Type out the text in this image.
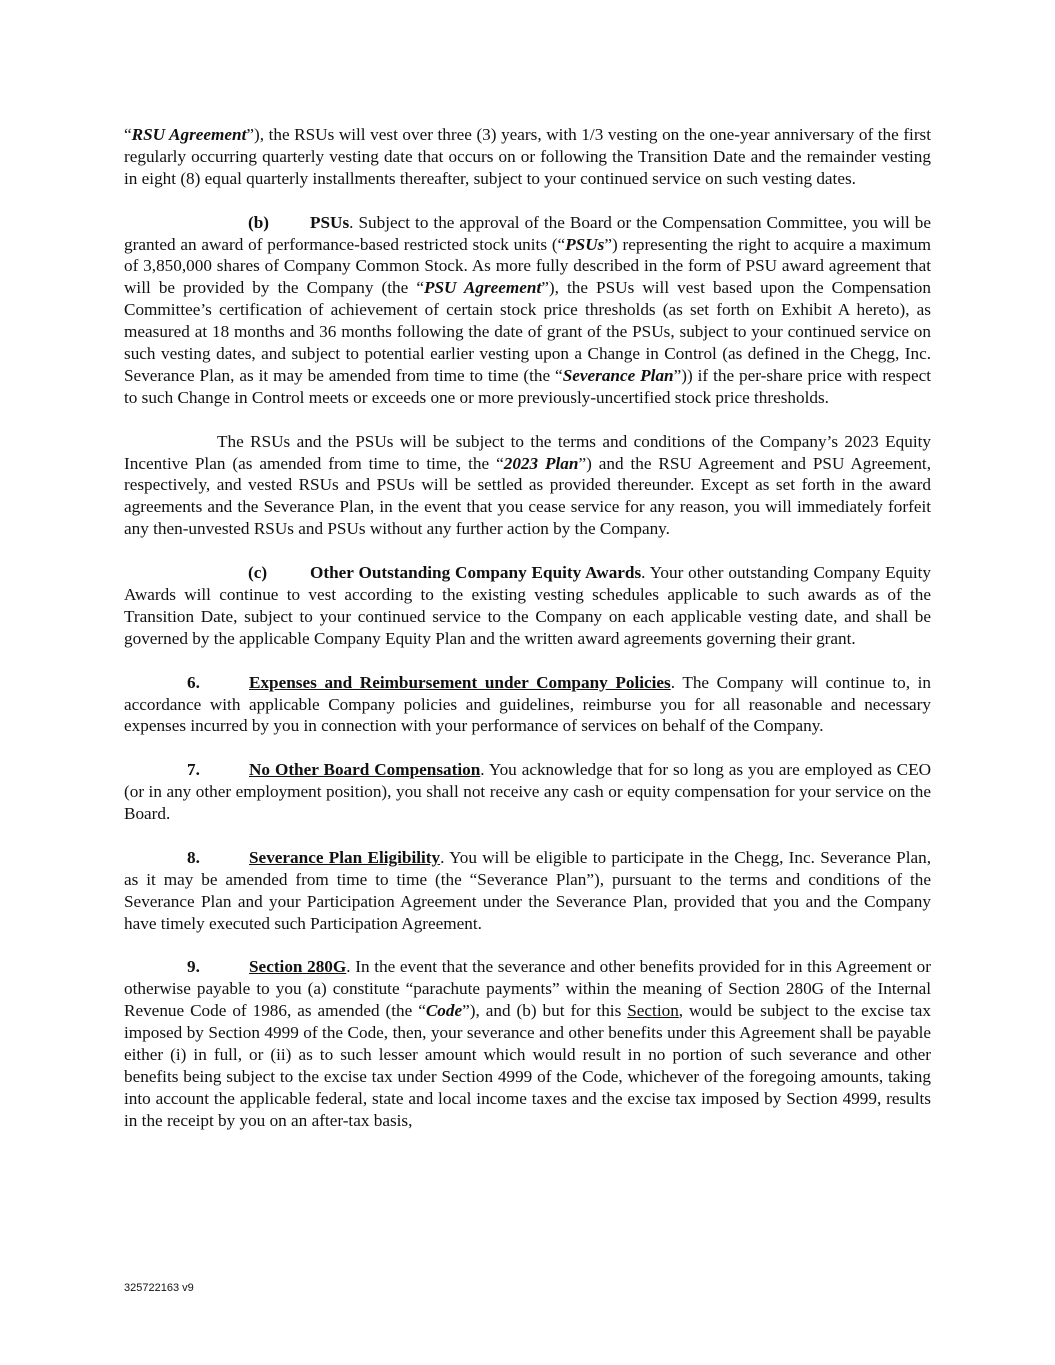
“RSU Agreement”), the RSUs will vest over three (3) years, with 1/3 vesting on the one-year anniversary of the first regularly occurring quarterly vesting date that occurs on or following the Transition Date and the remainder vesting in eight (8) equal quarterly installments thereafter, subject to your continued service on such vesting dates.

(b) PSUs. Subject to the approval of the Board or the Compensation Committee, you will be granted an award of performance-based restricted stock units (“PSUs”) representing the right to acquire a maximum of 3,850,000 shares of Company Common Stock. As more fully described in the form of PSU award agreement that will be provided by the Company (the “PSU Agreement”), the PSUs will vest based upon the Compensation Committee’s certification of achievement of certain stock price thresholds (as set forth on Exhibit A hereto), as measured at 18 months and 36 months following the date of grant of the PSUs, subject to your continued service on such vesting dates, and subject to potential earlier vesting upon a Change in Control (as defined in the Chegg, Inc. Severance Plan, as it may be amended from time to time (the “Severance Plan”)) if the per-share price with respect to such Change in Control meets or exceeds one or more previously-uncertified stock price thresholds.

The RSUs and the PSUs will be subject to the terms and conditions of the Company’s 2023 Equity Incentive Plan (as amended from time to time, the “2023 Plan”) and the RSU Agreement and PSU Agreement, respectively, and vested RSUs and PSUs will be settled as provided thereunder. Except as set forth in the award agreements and the Severance Plan, in the event that you cease service for any reason, you will immediately forfeit any then-unvested RSUs and PSUs without any further action by the Company.

(c) Other Outstanding Company Equity Awards. Your other outstanding Company Equity Awards will continue to vest according to the existing vesting schedules applicable to such awards as of the Transition Date, subject to your continued service to the Company on each applicable vesting date, and shall be governed by the applicable Company Equity Plan and the written award agreements governing their grant.

6.	Expenses and Reimbursement under Company Policies. The Company will continue to, in accordance with applicable Company policies and guidelines, reimburse you for all reasonable and necessary expenses incurred by you in connection with your performance of services on behalf of the Company.

7.	No Other Board Compensation. You acknowledge that for so long as you are employed as CEO (or in any other employment position), you shall not receive any cash or equity compensation for your service on the Board.

8.	Severance Plan Eligibility. You will be eligible to participate in the Chegg, Inc. Severance Plan, as it may be amended from time to time (the “Severance Plan”), pursuant to the terms and conditions of the Severance Plan and your Participation Agreement under the Severance Plan, provided that you and the Company have timely executed such Participation Agreement.

9.	Section 280G. In the event that the severance and other benefits provided for in this Agreement or otherwise payable to you (a) constitute “parachute payments” within the meaning of Section 280G of the Internal Revenue Code of 1986, as amended (the “Code”), and (b) but for this Section, would be subject to the excise tax imposed by Section 4999 of the Code, then, your severance and other benefits under this Agreement shall be payable either (i) in full, or (ii) as to such lesser amount which would result in no portion of such severance and other benefits being subject to the excise tax under Section 4999 of the Code, whichever of the foregoing amounts, taking into account the applicable federal, state and local income taxes and the excise tax imposed by Section 4999, results in the receipt by you on an after-tax basis,

325722163 v9
